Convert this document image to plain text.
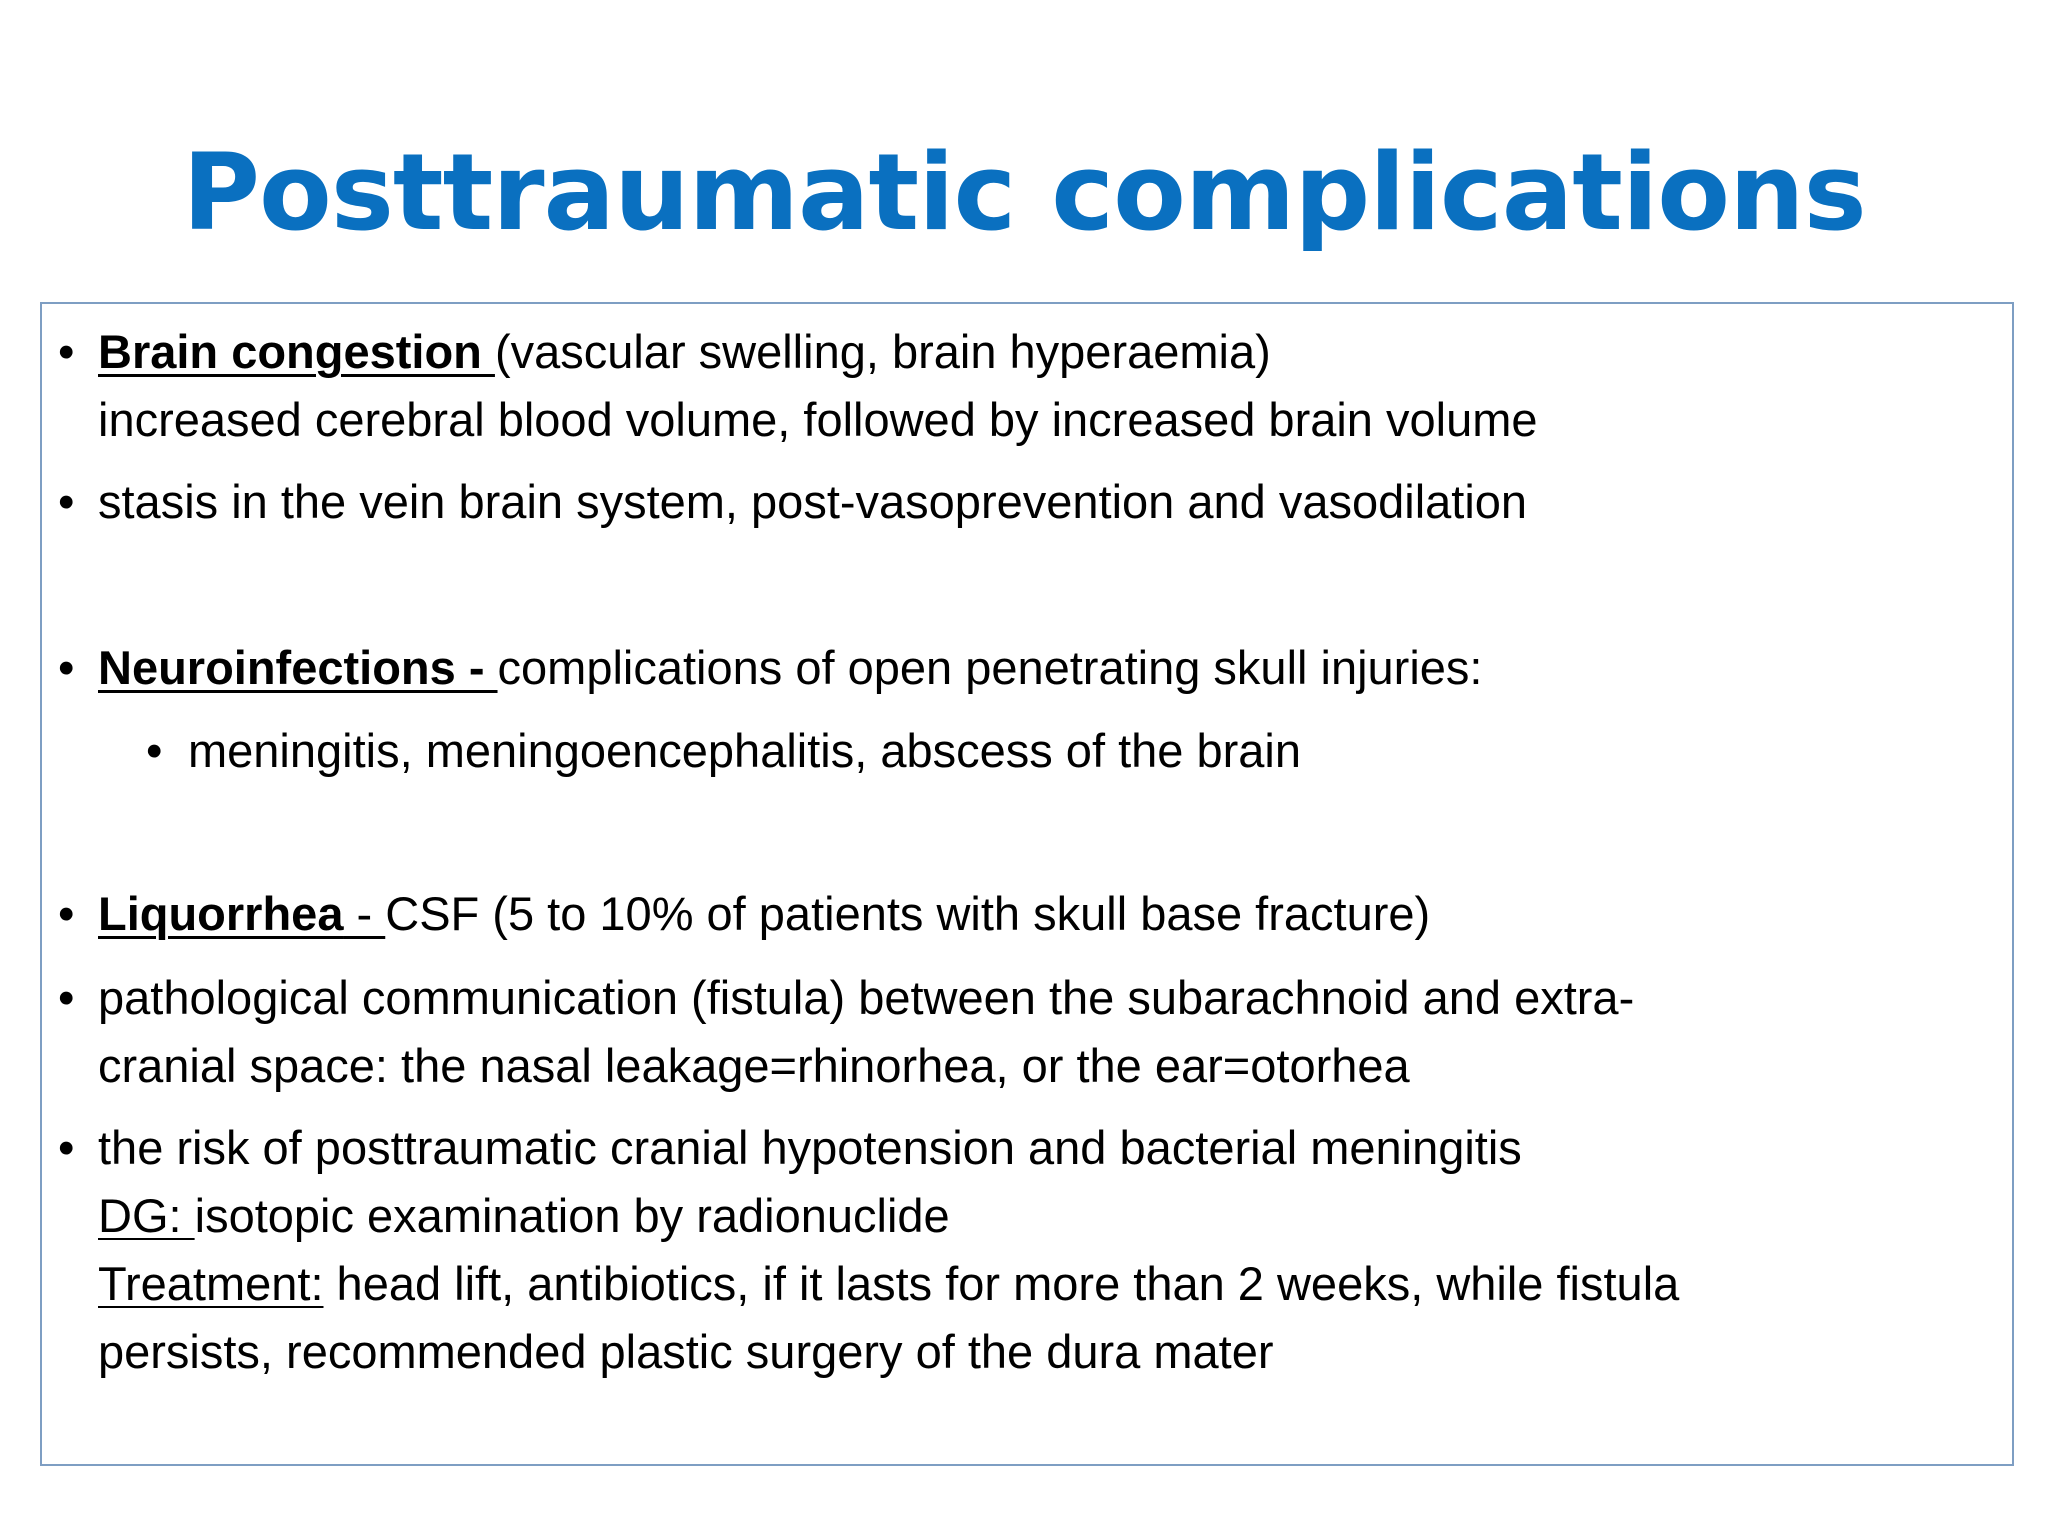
Posttraumatic complications
• Brain congestion (vascular swelling, brain hyperaemia)
increased cerebral blood volume, followed by increased brain volume
• stasis in the vein brain system, post-vasoprevention and vasodilation
• Neuroinfections - complications of open penetrating skull injuries:
• meningitis, meningoencephalitis, abscess of the brain
• Liquorrhea - CSF (5 to 10% of patients with skull base fracture)
• pathological communication (fistula) between the subarachnoid and extra-
cranial space: the nasal leakage=rhinorhea, or the ear=otorhea
• the risk of posttraumatic cranial hypotension and bacterial meningitis
DG: isotopic examination by radionuclide
Treatment: head lift, antibiotics, if it lasts for more than 2 weeks, while fistula
persists, recommended plastic surgery of the dura mater
